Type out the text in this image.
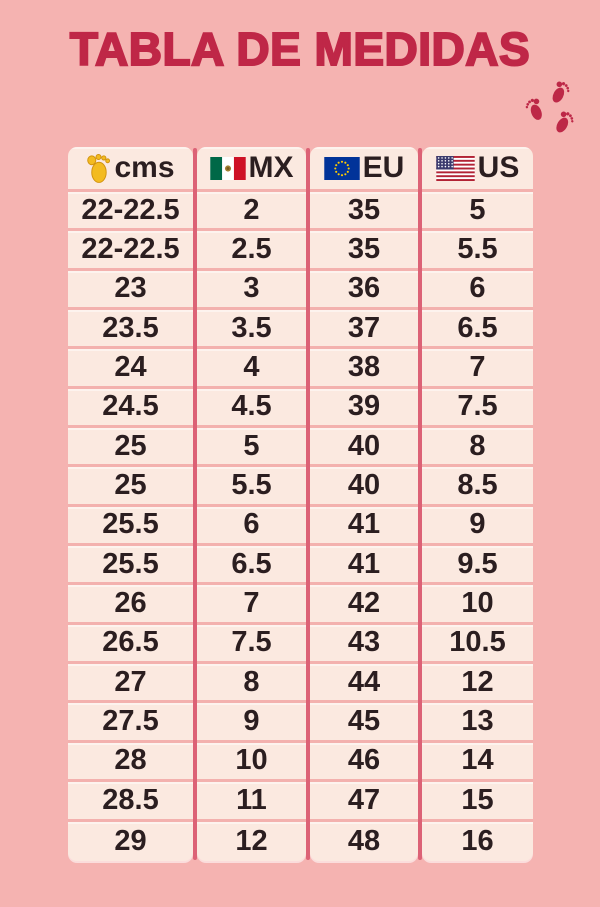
TABLA DE MEDIDAS
cms
22-22.5
22-22.5
23
23.5
24
24.5
25
25
25.5
25.5
26
26.5
27
27.5
28
28.5
29
MX
2
2.5
3
3.5
4
4.5
5
5.5
6
6.5
7
7.5
8
9
10
11
12
EU
35
35
36
37
38
39
40
40
41
41
42
43
44
45
46
47
48
US
5
5.5
6
6.5
7
7.5
8
8.5
9
9.5
10
10.5
12
13
14
15
16
